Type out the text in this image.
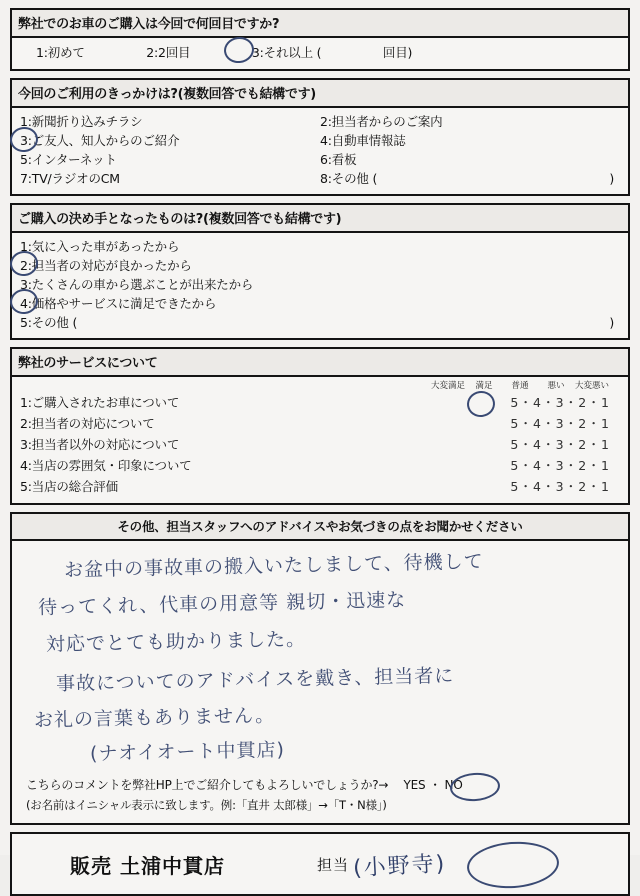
弊社でのお車のご購入は今回で何回目ですか?
1:初めて	2:2回目	3:それ以上 (	回目)
今回のご利用のきっかけは?(複数回答でも結構です)
1:新聞折り込みチラシ	2:担当者からのご案内
3:ご友人、知人からのご紹介	4:自動車情報誌
5:インターネット	6:看板
7:TV/ラジオのCM	8:その他 (	)
ご購入の決め手となったものは?(複数回答でも結構です)
1:気に入った車があったから
2:担当者の対応が良かったから
3:たくさんの車から選ぶことが出来たから
4:価格やサービスに満足できたから
5:その他 (	)
弊社のサービスについて
大変満足	満足	普通	悪い	大変悪い
1:ご購入されたお車について	5・4・3・2・1
2:担当者の対応について	5・4・3・2・1
3:担当者以外の対応について	5・4・3・2・1
4:当店の雰囲気・印象について	5・4・3・2・1
5:当店の総合評価	5・4・3・2・1
その他、担当スタッフへのアドバイスやお気づきの点をお聞かせください
お盆中の事故車の搬入いたしまして、待機して
待ってくれ、代車の用意等 親切・迅速な
対応でとても助かりました。
事故についてのアドバイスを戴き、担当者に
お礼の言葉もありません。
(ナオイオート中貫店)
こちらのコメントを弊社HP上でご紹介してもよろしいでしょうか?→ YES ・ NO
(お名前はイニシャル表示に致します。例:「直井 太郎様」→「T・N様」)
販売 土浦中貫店	担当 (小野寺)
